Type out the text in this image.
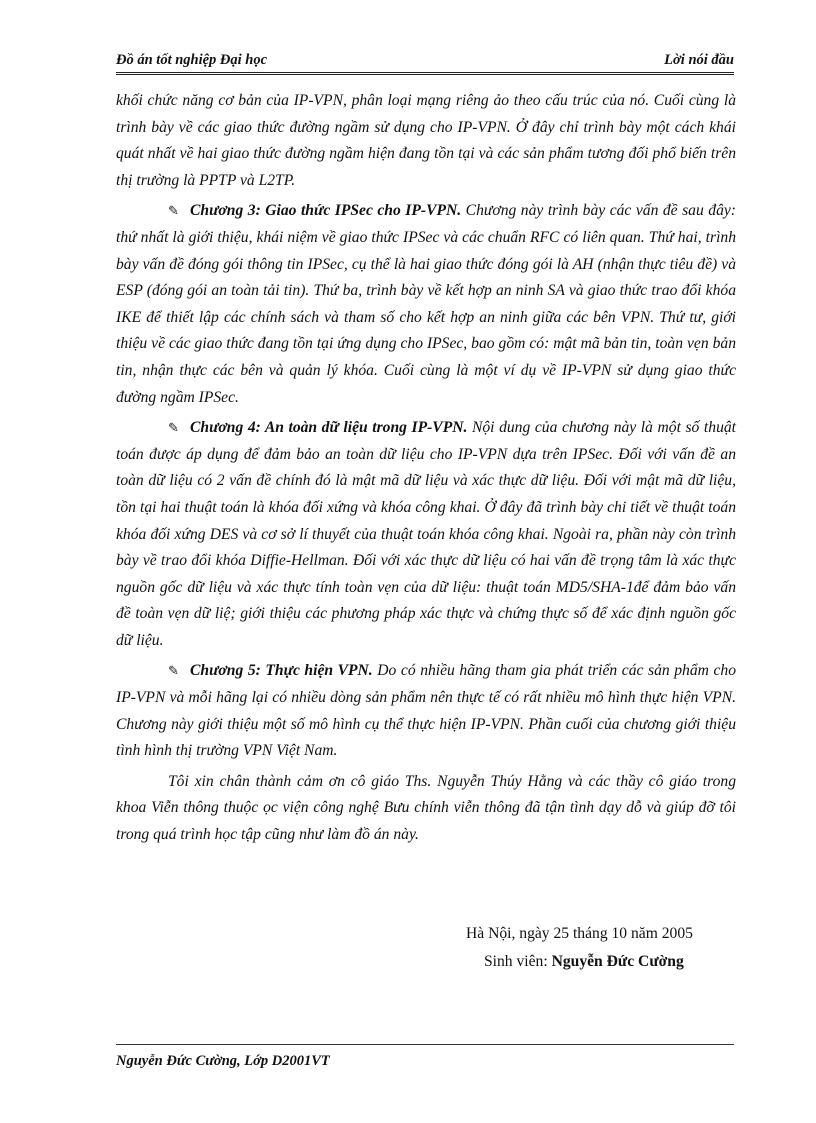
Đồ án tốt nghiệp Đại học	Lời nói đầu

khối chức năng cơ bản của IP-VPN, phân loại mạng riêng ảo theo cấu trúc của nó. Cuối cùng là trình bày về các giao thức đường ngầm sử dụng cho IP-VPN. Ở đây chỉ trình bày một cách khái quát nhất về hai giao thức đường ngầm hiện đang tồn tại và các sản phẩm tương đối phổ biến trên thị trường là PPTP và L2TP.

✎ Chương 3: Giao thức IPSec cho IP-VPN. Chương này trình bày các vấn đề sau đây: thứ nhất là giới thiệu, khái niệm về giao thức IPSec và các chuẩn RFC có liên quan. Thứ hai, trình bày vấn đề đóng gói thông tin IPSec, cụ thể là hai giao thức đóng gói là AH (nhận thực tiêu đề) và ESP (đóng gói an toàn tải tin). Thứ ba, trình bày về kết hợp an ninh SA và giao thức trao đổi khóa IKE để thiết lập các chính sách và tham số cho kết hợp an ninh giữa các bên VPN. Thứ tư, giới thiệu về các giao thức đang tồn tại ứng dụng cho IPSec, bao gồm có: mật mã bản tin, toàn vẹn bản tin, nhận thực các bên và quản lý khóa. Cuối cùng là một ví dụ về IP-VPN sử dụng giao thức đường ngầm IPSec.

✎ Chương 4: An toàn dữ liệu trong IP-VPN. Nội dung của chương này là một số thuật toán được áp dụng để đảm bảo an toàn dữ liệu cho IP-VPN dựa trên IPSec. Đối với vấn đề an toàn dữ liệu có 2 vấn đề chính đó là mật mã dữ liệu và xác thực dữ liệu. Đối với mật mã dữ liệu, tồn tại hai thuật toán là khóa đối xứng và khóa công khai. Ở đây đã trình bày chi tiết về thuật toán khóa đối xứng DES và cơ sở lí thuyết của thuật toán khóa công khai. Ngoài ra, phần này còn trình bày về trao đổi khóa Diffie-Hellman. Đối với xác thực dữ liệu có hai vấn đề trọng tâm là xác thực nguồn gốc dữ liệu và xác thực tính toàn vẹn của dữ liệu: thuật toán MD5/SHA-1để đảm bảo vấn đề toàn vẹn dữ liệ; giới thiệu các phương pháp xác thực và chứng thực số để xác định nguồn gốc dữ liệu.

✎ Chương 5: Thực hiện VPN. Do có nhiều hãng tham gia phát triển các sản phẩm cho IP-VPN và mỗi hãng lại có nhiều dòng sản phẩm nên thực tế có rất nhiều mô hình thực hiện VPN. Chương này giới thiệu một số mô hình cụ thể thực hiện IP-VPN. Phần cuối của chương giới thiệu tình hình thị trường VPN Việt Nam.

Tôi xin chân thành cảm ơn cô giáo Ths. Nguyễn Thúy Hằng và các thầy cô giáo trong khoa Viễn thông thuộc ọc viện công nghệ Bưu chính viễn thông đã tận tình dạy dỗ và giúp đỡ tôi trong quá trình học tập cũng như làm đồ án này.

Hà Nội, ngày 25 tháng 10 năm 2005
Sinh viên: Nguyễn Đức Cường
Nguyễn Đức Cường, Lớp D2001VT
